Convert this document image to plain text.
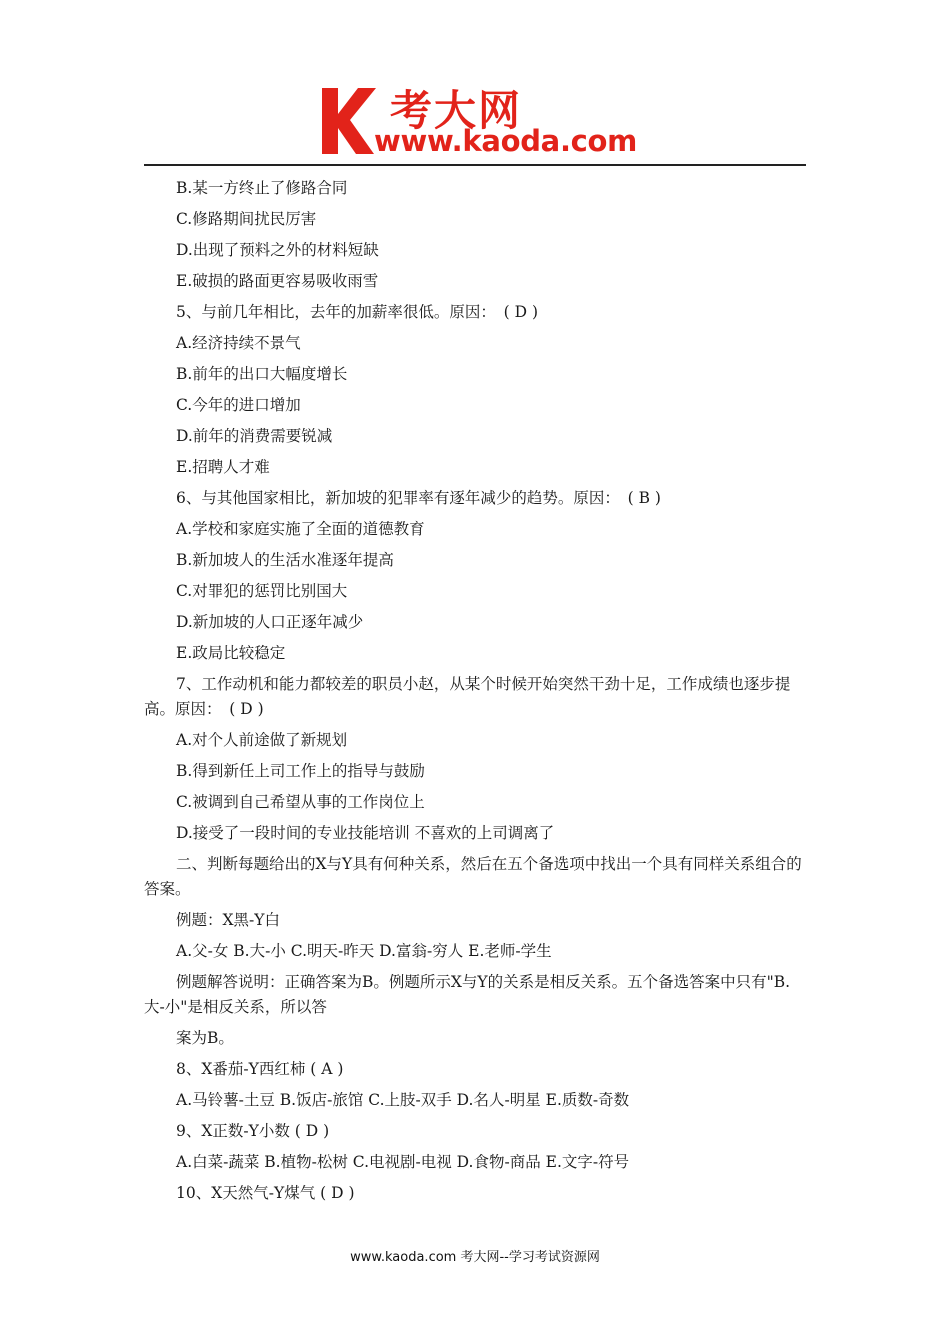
考大网
www.kaoda.com
B.某一方终止了修路合同
C.修路期间扰民厉害
D.出现了预料之外的材料短缺
E.破损的路面更容易吸收雨雪
5、与前几年相比，去年的加薪率很低。原因：　( D )
A.经济持续不景气
B.前年的出口大幅度增长
C.今年的进口增加
D.前年的消费需要锐减
E.招聘人才难
6、与其他国家相比，新加坡的犯罪率有逐年减少的趋势。原因：　( B )
A.学校和家庭实施了全面的道德教育
B.新加坡人的生活水准逐年提高
C.对罪犯的惩罚比别国大
D.新加坡的人口正逐年减少
E.政局比较稳定
7、工作动机和能力都较差的职员小赵，从某个时候开始突然干劲十足，工作成绩也逐步提高。原因：　( D )
A.对个人前途做了新规划
B.得到新任上司工作上的指导与鼓励
C.被调到自己希望从事的工作岗位上
D.接受了一段时间的专业技能培训 不喜欢的上司调离了
二、判断每题给出的X与Y具有何种关系，然后在五个备选项中找出一个具有同样关系组合的答案。
例题：X黑-Y白
A.父-女 B.大-小 C.明天-昨天 D.富翁-穷人 E.老师-学生
例题解答说明：正确答案为B。例题所示X与Y的关系是相反关系。五个备选答案中只有"B.大-小"是相反关系，所以答
案为B。
8、X番茄-Y西红柿 ( A )
A.马铃薯-土豆 B.饭店-旅馆 C.上肢-双手 D.名人-明星 E.质数-奇数
9、X正数-Y小数 ( D )
A.白菜-蔬菜 B.植物-松树 C.电视剧-电视 D.食物-商品 E.文字-符号
10、X天然气-Y煤气 ( D )
www.kaoda.com 考大网--学习考试资源网
